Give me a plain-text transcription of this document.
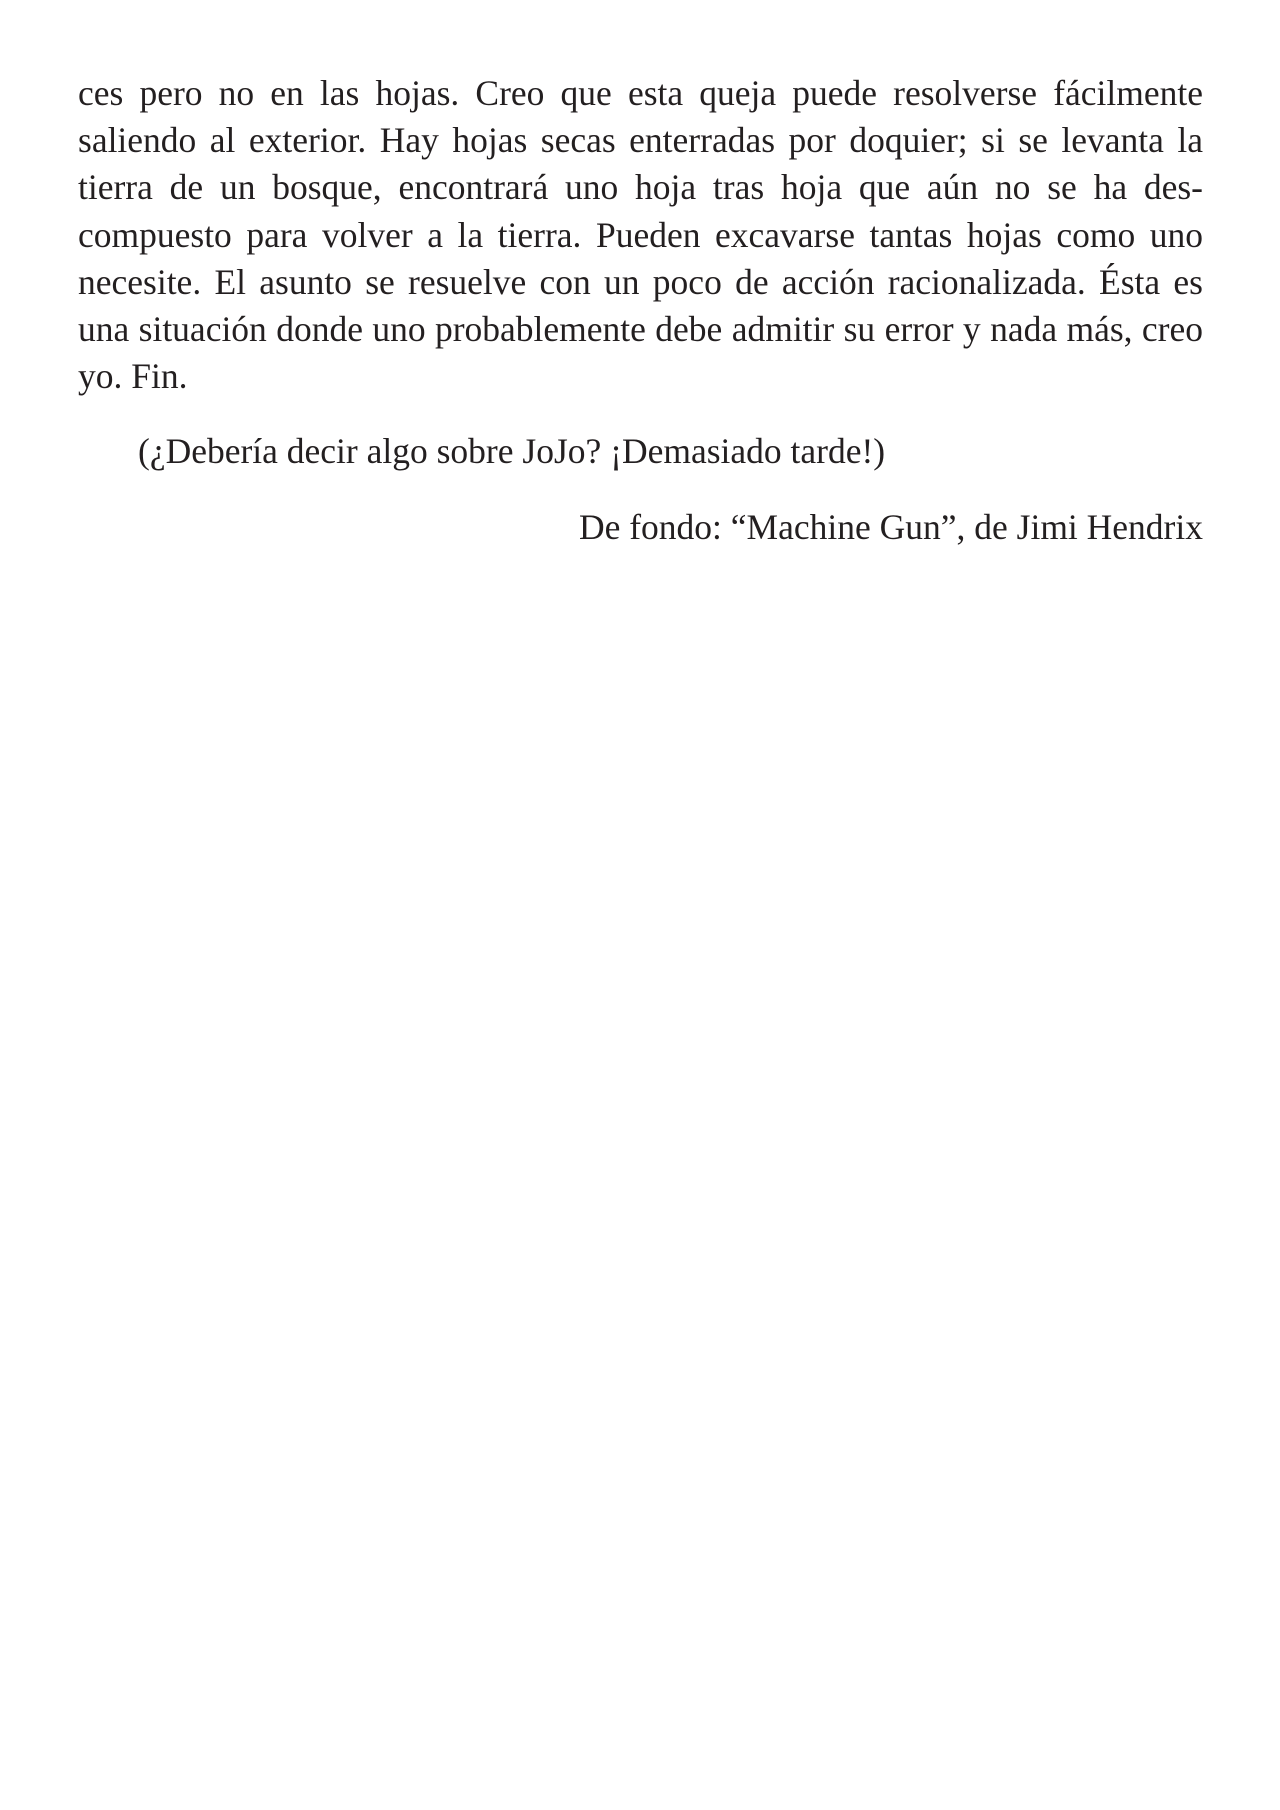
ces pero no en las hojas. Creo que esta queja puede resolverse fácilmente saliendo al exterior. Hay hojas secas enterradas por doquier; si se levanta la tierra de un bosque, encontrará uno hoja tras hoja que aún no se ha descompuesto para volver a la tierra. Pueden excavarse tantas hojas como uno necesite. El asunto se resuelve con un poco de acción racionalizada. Ésta es una situación donde uno probablemente debe admitir su error y nada más, creo yo. Fin.

(¿Debería decir algo sobre JoJo? ¡Demasiado tarde!)

De fondo: “Machine Gun”, de Jimi Hendrix
